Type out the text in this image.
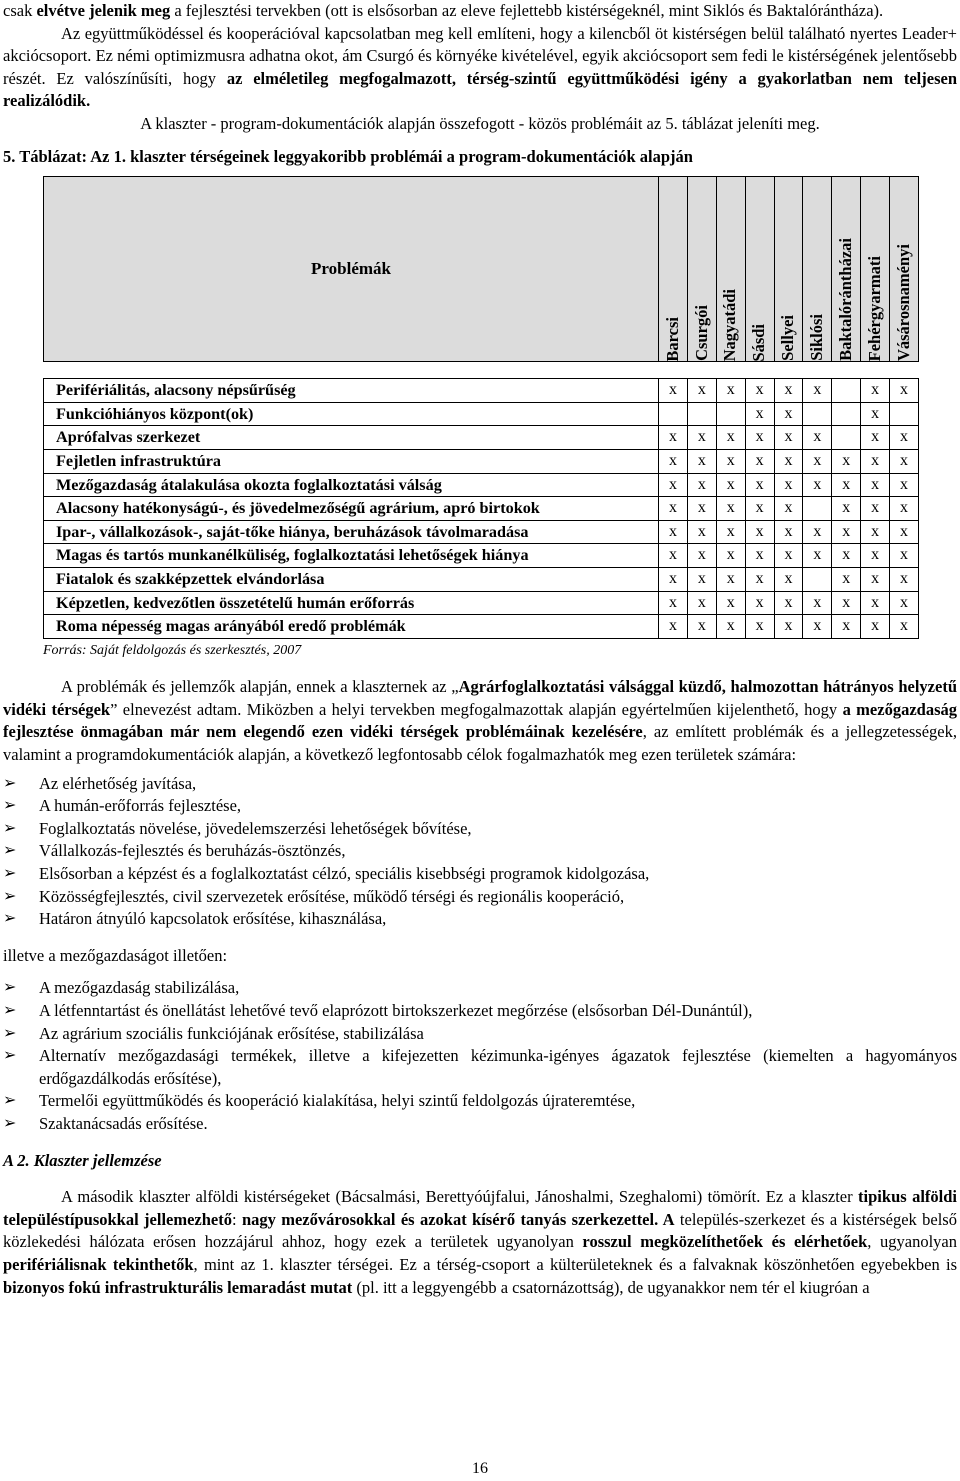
csak elvétve jelenik meg a fejlesztési tervekben (ott is elsősorban az eleve fejlettebb kistérségeknél, mint Siklós és Baktalórántháza).

Az együttműködéssel és kooperációval kapcsolatban meg kell említeni, hogy a kilencből öt kistérségen belül található nyertes Leader+ akciócsoport. Ez némi optimizmusra adhatna okot, ám Csurgó és környéke kivételével, egyik akciócsoport sem fedi le kistérségének jelentősebb részét. Ez valószínűsíti, hogy az elméletileg megfogalmazott, térség-szintű együttműködési igény a gyakorlatban nem teljesen realizálódik.

A klaszter - program-dokumentációk alapján összefogott - közös problémáit az 5. táblázat jeleníti meg.

5. Táblázat: Az 1. klaszter térségeinek leggyakoribb problémái a program-dokumentációk alapján

Problémák	Barcsi	Csurgói	Nagyatádi	Sásdi	Sellyei	Siklósi	Baktalórántházai	Fehérgyarmati	Vásárosnaményi

Perifériálitás, alacsony népsűrűség	x	x	x	x	x	x		x	x
Funkcióhiányos központ(ok)				x	x			x	
Aprófalvas szerkezet	x	x	x	x	x	x		x	x
Fejletlen infrastruktúra	x	x	x	x	x	x	x	x	x
Mezőgazdaság átalakulása okozta foglalkoztatási válság	x	x	x	x	x	x	x	x	x
Alacsony hatékonyságú-, és jövedelmezőségű agrárium, apró birtokok	x	x	x	x	x		x	x	x
Ipar-, vállalkozások-, saját-tőke hiánya, beruházások távolmaradása	x	x	x	x	x	x	x	x	x
Magas és tartós munkanélküliség, foglalkoztatási lehetőségek hiánya	x	x	x	x	x	x	x	x	x
Fiatalok és szakképzettek elvándorlása	x	x	x	x	x		x	x	x
Képzetlen, kedvezőtlen összetételű humán erőforrás	x	x	x	x	x	x	x	x	x
Roma népesség magas arányából eredő problémák	x	x	x	x	x	x	x	x	x
Forrás: Saját feldolgozás és szerkesztés, 2007

A problémák és jellemzők alapján, ennek a klaszternek az „Agrárfoglalkoztatási válsággal küzdő, halmozottan hátrányos helyzetű vidéki térségek” elnevezést adtam. Miközben a helyi tervekben megfogalmazottak alapján egyértelműen kijelenthető, hogy a mezőgazdaság fejlesztése önmagában már nem elegendő ezen vidéki térségek problémáinak kezelésére, az említett problémák és a jellegzetességek, valamint a programdokumentációk alapján, a következő legfontosabb célok fogalmazhatók meg ezen területek számára:

➢ Az elérhetőség javítása,
➢ A humán-erőforrás fejlesztése,
➢ Foglalkoztatás növelése, jövedelemszerzési lehetőségek bővítése,
➢ Vállalkozás-fejlesztés és beruházás-ösztönzés,
➢ Elsősorban a képzést és a foglalkoztatást célzó, speciális kisebbségi programok kidolgozása,
➢ Közösségfejlesztés, civil szervezetek erősítése, működő térségi és regionális kooperáció,
➢ Határon átnyúló kapcsolatok erősítése, kihasználása,

illetve a mezőgazdaságot illetően:

➢ A mezőgazdaság stabilizálása,
➢ A létfenntartást és önellátást lehetővé tevő elaprózott birtokszerkezet megőrzése (elsősorban Dél-Dunántúl),
➢ Az agrárium szociális funkciójának erősítése, stabilizálása
➢ Alternatív mezőgazdasági termékek, illetve a kifejezetten kézimunka-igényes ágazatok fejlesztése (kiemelten a hagyományos erdőgazdálkodás erősítése),
➢ Termelői együttműködés és kooperáció kialakítása, helyi szintű feldolgozás újrateremtése,
➢ Szaktanácsadás erősítése.

A 2. Klaszter jellemzése

A második klaszter alföldi kistérségeket (Bácsalmási, Berettyóújfalui, Jánoshalmi, Szeghalomi) tömörít. Ez a klaszter tipikus alföldi településtípusokkal jellemezhető: nagy mezővárosokkal és azokat kísérő tanyás szerkezettel. A település-szerkezet és a kistérségek belső közlekedési hálózata erősen hozzájárul ahhoz, hogy ezek a területek ugyanolyan rosszul megközelíthetőek és elérhetőek, ugyanolyan perifériálisnak tekinthetők, mint az 1. klaszter térségei. Ez a térség-csoport a külterületeknek és a falvaknak köszönhetően egyebekben is bizonyos fokú infrastrukturális lemaradást mutat (pl. itt a leggyengébb a csatornázottság), de ugyanakkor nem tér el kiugróan a

16
